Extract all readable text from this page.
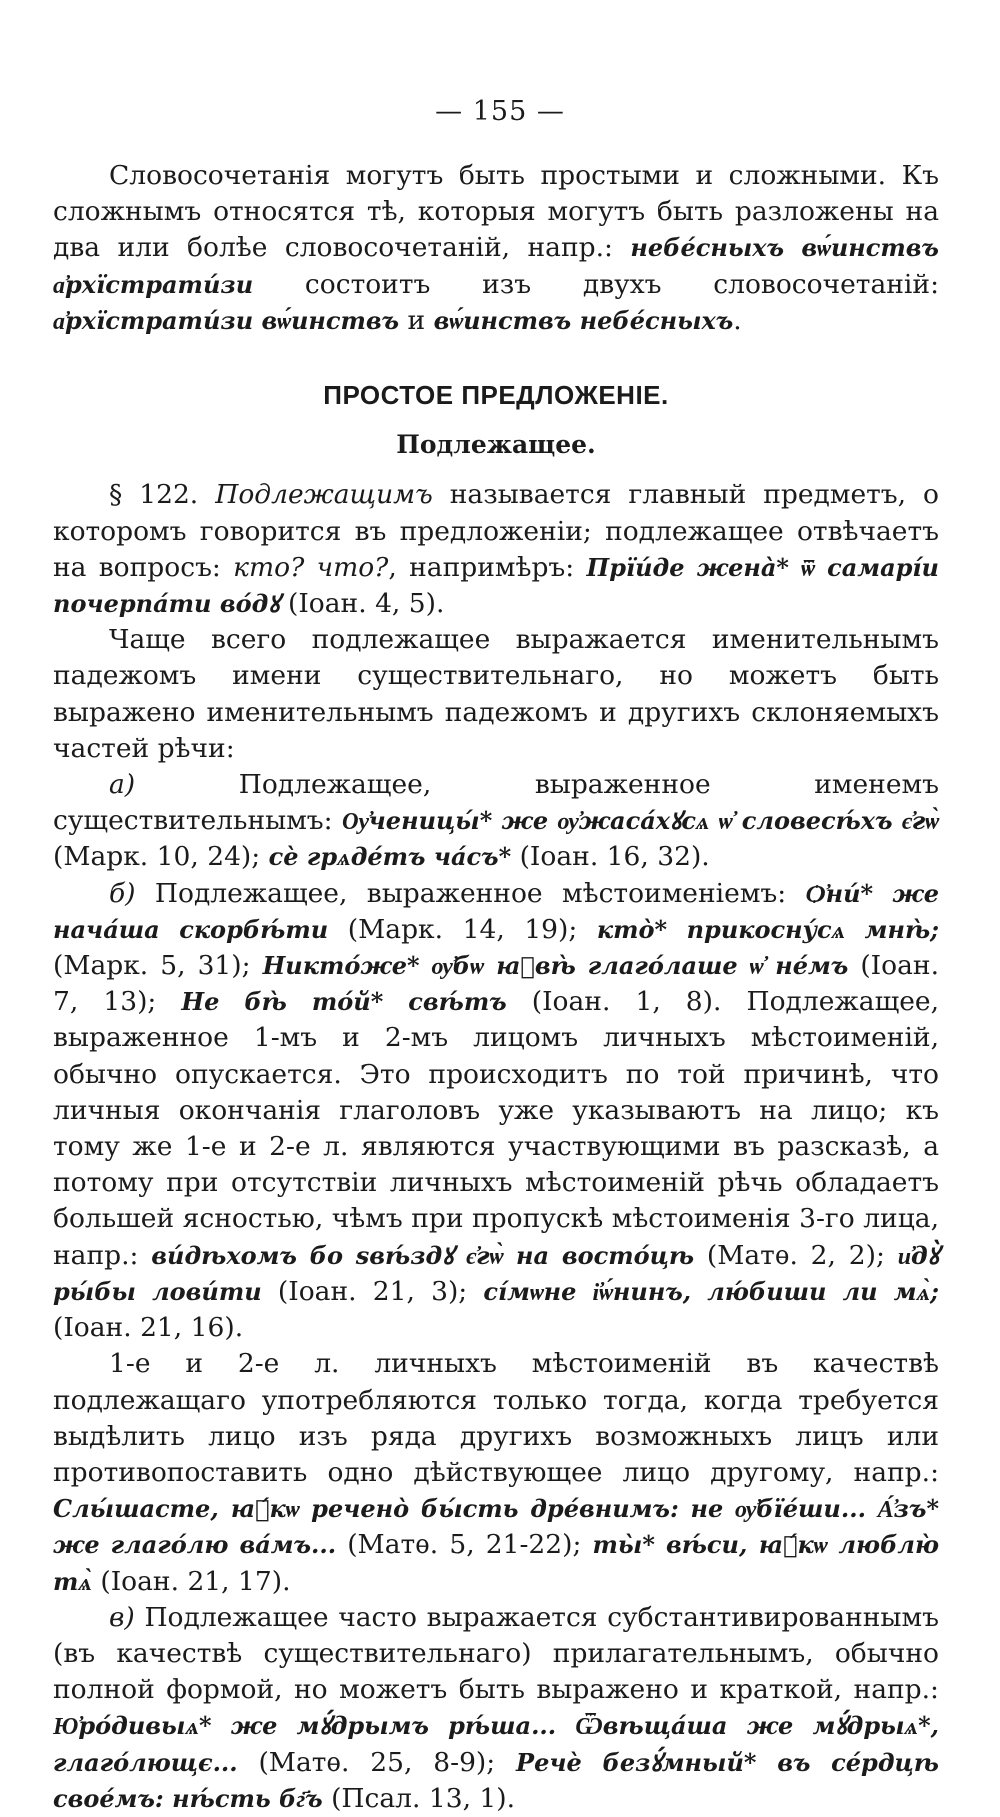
— 155 —

Словосочетанія могутъ быть простыми и сложными. Къ сложнымъ относятся тѣ, которыя могутъ быть разложены на два или болѣе словосочетаній, напр.: небе́сныхъ вѡ́инствъ а҆рхїстрати́зи состоитъ изъ двухъ словосочетаній: а҆рхїстрати́зи вѡ́инствъ и вѡ́инствъ небе́сныхъ.

ПРОСТОЕ ПРЕДЛОЖЕНІЕ.
Подлежащее.

§ 122. Подлежащимъ называется главный предметъ, о которомъ говорится въ предложеніи; подлежащее отвѣчаетъ на вопросъ: кто? что?, напримѣръ: Прїи́де жена̀* ѿ самарі́и почерпа́ти во́дꙋ (Іоан. 4, 5).

Чаще всего подлежащее выражается именительнымъ падежомъ имени существительнаго, но можетъ быть выражено именительнымъ падежомъ и другихъ склоняемыхъ частей рѣчи:

а) Подлежащее, выраженное именемъ существительнымъ: Ѹ҆ченицы́* же ѹ҆жаса́хꙋсѧ ѡ҆ словесѣ́хъ є҆гѡ̀ (Марк. 10, 24); сѐ грѧде́тъ ча́съ* (Іоан. 16, 32).

б) Подлежащее, выраженное мѣстоименіемъ: Ѻ҆ни́* же нача́ша скорбѣ́ти (Марк. 14, 19); кто̀* прикосну́сѧ мнѣ̀; (Марк. 5, 31); Никто́же* ѹ҆бѡ ꙗ҆вѣ̀ глаго́лаше ѡ҆ не́мъ (Іоан. 7, 13); Не бѣ̀ то́й* свѣ́тъ (Іоан. 1, 8). Подлежащее, выраженное 1-мъ и 2-мъ лицомъ личныхъ мѣстоименій, обычно опускается. Это происходитъ по той причинѣ, что личныя окончанія глаголовъ уже указываютъ на лицо; къ тому же 1-е и 2-е л. являются участвующими въ разсказѣ, а потому при отсутствіи личныхъ мѣстоименій рѣчь обладаетъ большей ясностью, чѣмъ при пропускѣ мѣстоименія 3-го лица, напр.: ви́дѣхомъ бо ѕвѣ́здꙋ є҆гѡ̀ на восто́цѣ (Матѳ. 2, 2); и҆дꙋ̀ ры́бы лови́ти (Іоан. 21, 3); сі́мѡне і҆ѡ́нинъ, лю́биши ли мѧ̀; (Іоан. 21, 16).

1-е и 2-е л. личныхъ мѣстоименій въ качествѣ подлежащаго употребляются только тогда, когда требуется выдѣлить лицо изъ ряда другихъ возможныхъ лицъ или противопоставить одно дѣйствующее лицо другому, напр.: Слы́шасте, ꙗ҆́кѡ речено̀ бы́сть дре́внимъ: не ѹ҆бїе́ши... А҆́зъ* же глаго́лю ва́мъ... (Матѳ. 5, 21-22); ты̀* вѣ́си, ꙗ҆́кѡ люблю̀ тѧ̀ (Іоан. 21, 17).

в) Подлежащее часто выражается субстантивированнымъ (въ качествѣ существительнаго) прилагательнымъ, обычно полной формой, но можетъ быть выражено и краткой, напр.: Ю҆ро́дивыѧ* же мꙋ́дрымъ рѣ́ша... Ѿвѣща́ша же мꙋ́дрыѧ*, глаго́лющє... (Матѳ. 25, 8-9); Речѐ безꙋ́мный* въ се́рдцѣ свое́мъ: нѣ́сть бг҃ъ (Псал. 13, 1).
